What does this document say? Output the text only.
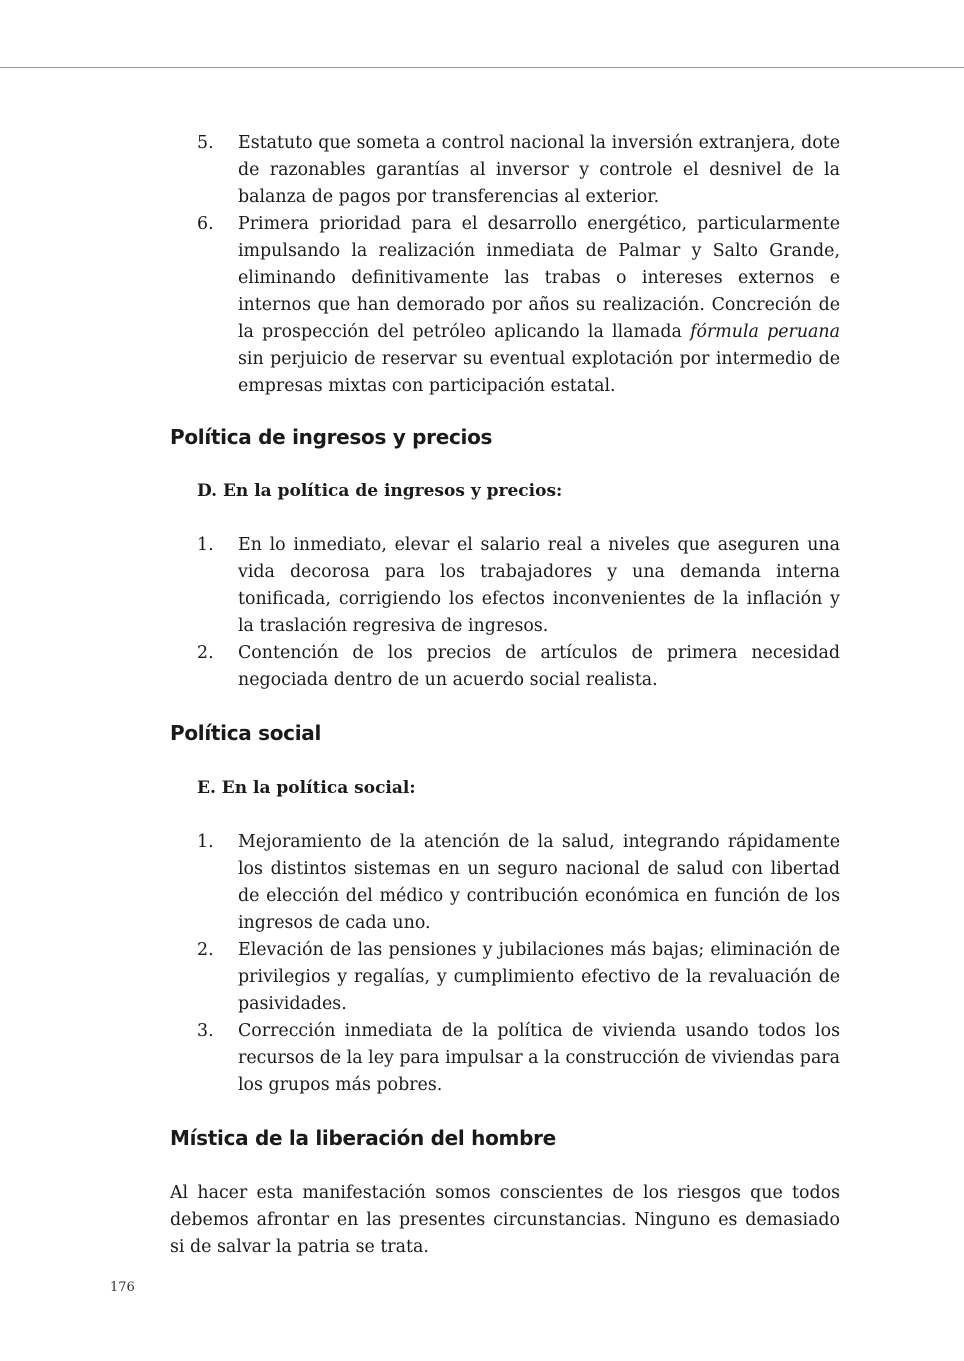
5. Estatuto que someta a control nacional la inversión extranjera, dote de razonables garantías al inversor y controle el desnivel de la balanza de pagos por transferencias al exterior.
6. Primera prioridad para el desarrollo energético, particularmente impulsando la realización inmediata de Palmar y Salto Grande, eliminando definitivamente las trabas o intereses externos e internos que han demorado por años su realización. Concreción de la prospección del petróleo aplicando la llamada fórmula peruana sin perjuicio de reservar su eventual explotación por intermedio de empresas mixtas con participación estatal.
Política de ingresos y precios
D. En la política de ingresos y precios:
1. En lo inmediato, elevar el salario real a niveles que aseguren una vida decorosa para los trabajadores y una demanda interna tonificada, corrigiendo los efectos inconvenientes de la inflación y la traslación regresiva de ingresos.
2. Contención de los precios de artículos de primera necesidad negociada dentro de un acuerdo social realista.
Política social
E. En la política social:
1. Mejoramiento de la atención de la salud, integrando rápidamente los distintos sistemas en un seguro nacional de salud con libertad de elección del médico y contribución económica en función de los ingresos de cada uno.
2. Elevación de las pensiones y jubilaciones más bajas; eliminación de privilegios y regalías, y cumplimiento efectivo de la revaluación de pasividades.
3. Corrección inmediata de la política de vivienda usando todos los recursos de la ley para impulsar a la construcción de viviendas para los grupos más pobres.
Mística de la liberación del hombre
Al hacer esta manifestación somos conscientes de los riesgos que todos debemos afrontar en las presentes circunstancias. Ninguno es demasiado si de salvar la patria se trata.
176
